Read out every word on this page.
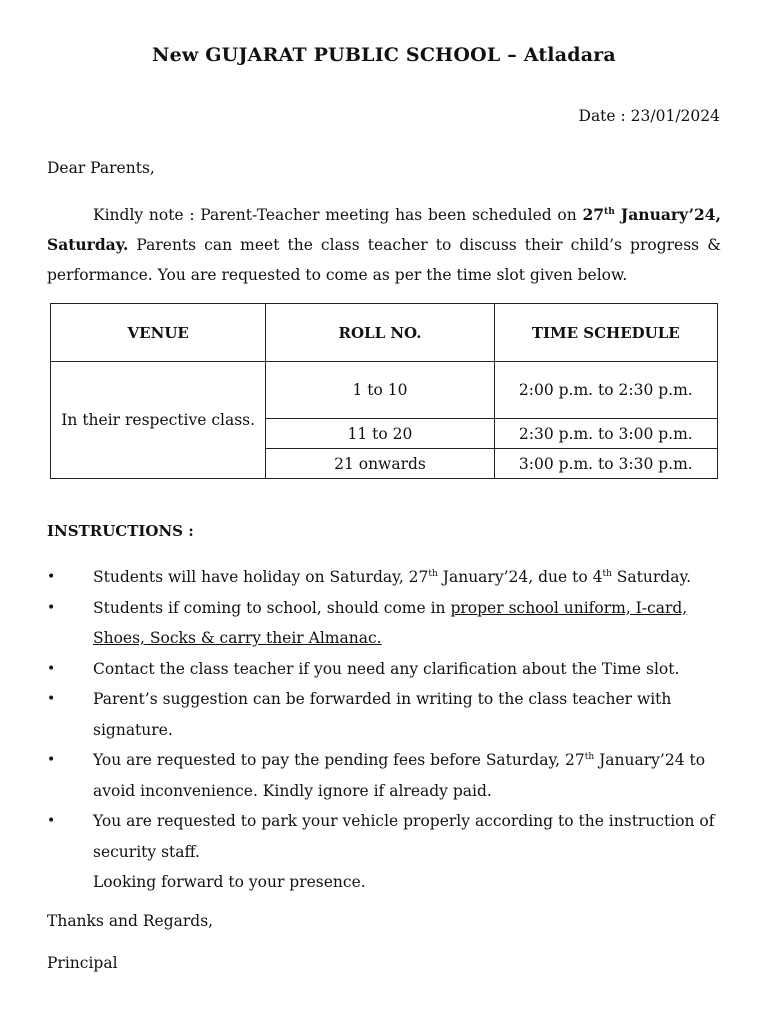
New GUJARAT PUBLIC SCHOOL – Atladara
Date : 23/01/2024
Dear Parents,
Kindly note : Parent-Teacher meeting has been scheduled on 27th January’24, Saturday. Parents can meet the class teacher to discuss their child’s progress & performance. You are requested to come as per the time slot given below.
VENUE	ROLL NO.	TIME SCHEDULE
In their respective class.	1 to 10	2:00 p.m. to 2:30 p.m.
	11 to 20	2:30 p.m. to 3:00 p.m.
	21 onwards	3:00 p.m. to 3:30 p.m.
INSTRUCTIONS :
• Students will have holiday on Saturday, 27th January’24, due to 4th Saturday.
• Students if coming to school, should come in proper school uniform, I-card, Shoes, Socks & carry their Almanac.
• Contact the class teacher if you need any clarification about the Time slot.
• Parent’s suggestion can be forwarded in writing to the class teacher with signature.
• You are requested to pay the pending fees before Saturday, 27th January’24 to avoid inconvenience. Kindly ignore if already paid.
• You are requested to park your vehicle properly according to the instruction of security staff.
Looking forward to your presence.
Thanks and Regards,
Principal
